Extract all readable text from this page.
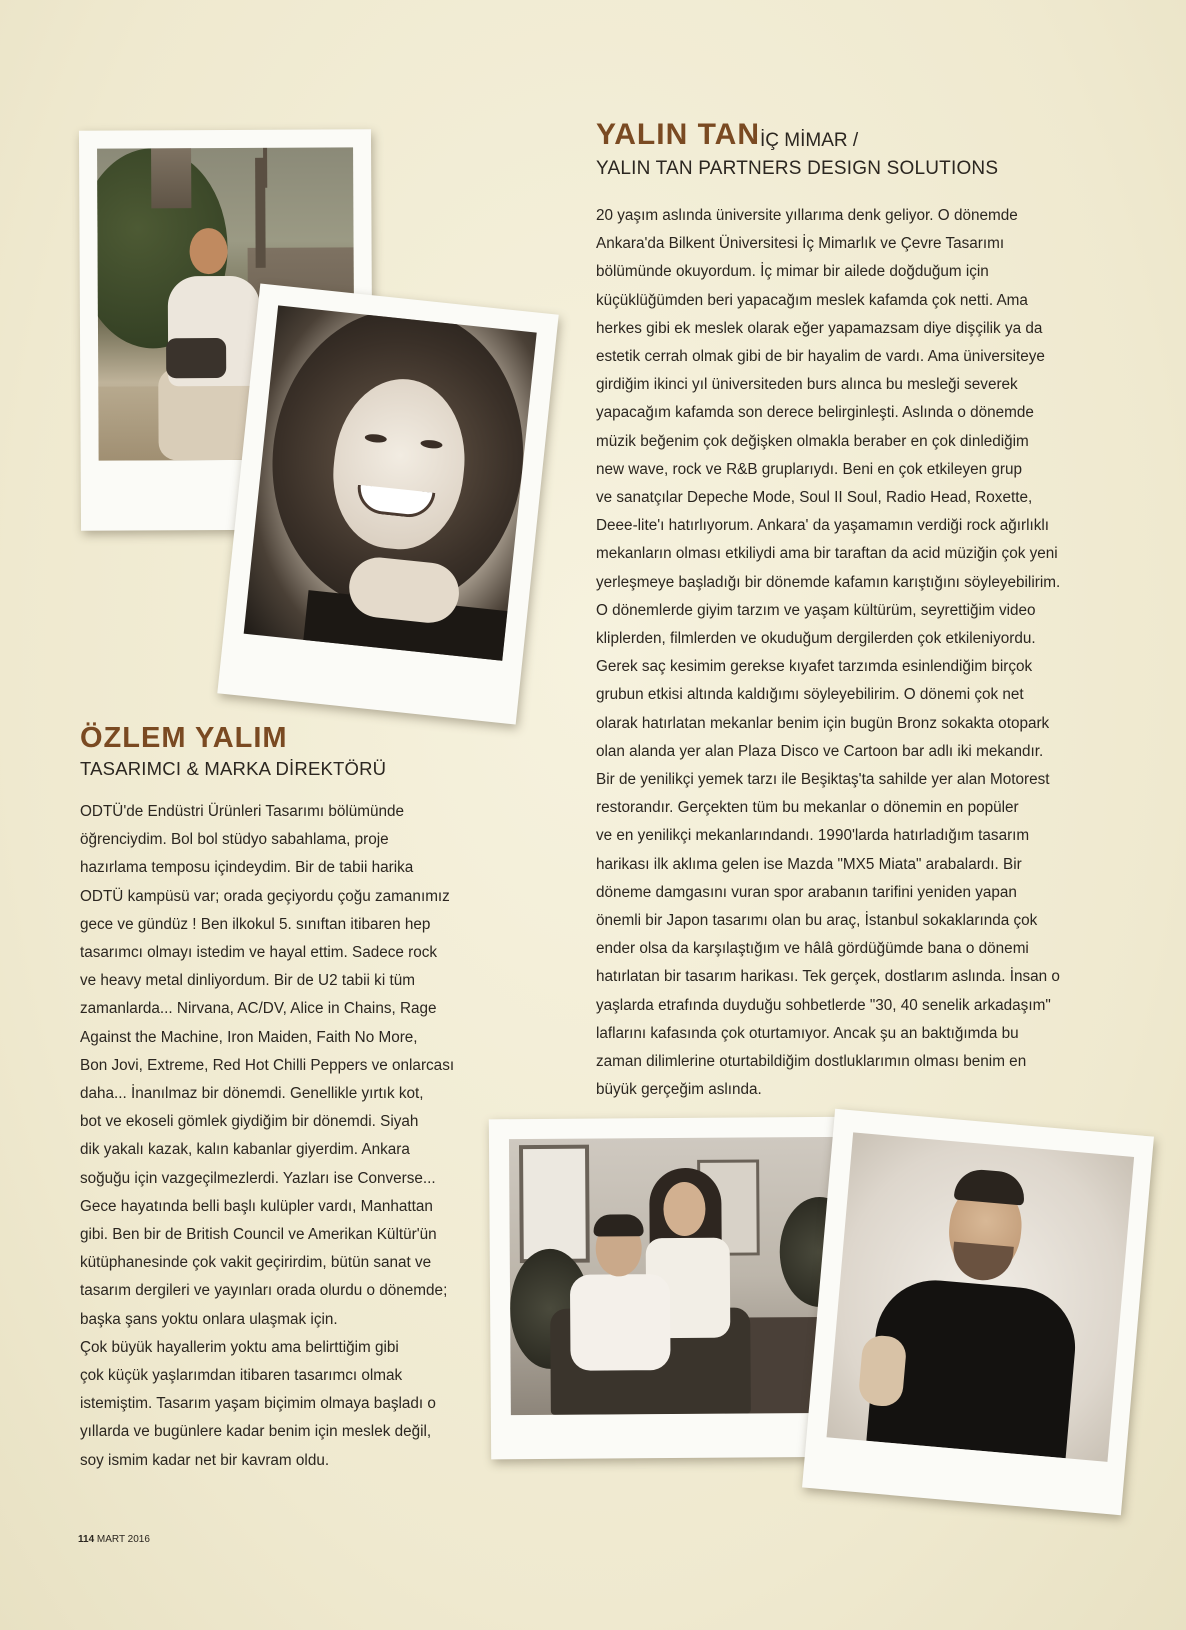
YALIN TAN İÇ MİMAR /
YALIN TAN PARTNERS DESIGN SOLUTIONS
20 yaşım aslında üniversite yıllarıma denk geliyor. O dönemde
Ankara'da Bilkent Üniversitesi İç Mimarlık ve Çevre Tasarımı
bölümünde okuyordum. İç mimar bir ailede doğduğum için
küçüklüğümden beri yapacağım meslek kafamda çok netti. Ama
herkes gibi ek meslek olarak eğer yapamazsam diye dişçilik ya da
estetik cerrah olmak gibi de bir hayalim de vardı. Ama üniversiteye
girdiğim ikinci yıl üniversiteden burs alınca bu mesleği severek
yapacağım kafamda son derece belirginleşti. Aslında o dönemde
müzik beğenim çok değişken olmakla beraber en çok dinlediğim
new wave, rock ve R&B gruplarıydı. Beni en çok etkileyen grup
ve sanatçılar Depeche Mode, Soul II Soul, Radio Head, Roxette,
Deee-lite'ı hatırlıyorum. Ankara' da yaşamamın verdiği rock ağırlıklı
mekanların olması etkiliydi ama bir taraftan da acid müziğin çok yeni
yerleşmeye başladığı bir dönemde kafamın karıştığını söyleyebilirim.
O dönemlerde giyim tarzım ve yaşam kültürüm, seyrettiğim video
kliplerden, filmlerden ve okuduğum dergilerden çok etkileniyordu.
Gerek saç kesimim gerekse kıyafet tarzımda esinlendiğim birçok
grubun etkisi altında kaldığımı söyleyebilirim. O dönemi çok net
olarak hatırlatan mekanlar benim için bugün Bronz sokakta otopark
olan alanda yer alan Plaza Disco ve Cartoon bar adlı iki mekandır.
Bir de yenilikçi yemek tarzı ile Beşiktaş'ta sahilde yer alan Motorest
restorandır. Gerçekten tüm bu mekanlar o dönemin en popüler
ve en yenilikçi mekanlarındandı. 1990'larda hatırladığım tasarım
harikası ilk aklıma gelen ise Mazda "MX5 Miata" arabalardı. Bir
döneme damgasını vuran spor arabanın tarifini yeniden yapan
önemli bir Japon tasarımı olan bu araç, İstanbul sokaklarında çok
ender olsa da karşılaştığım ve hâlâ gördüğümde bana o dönemi
hatırlatan bir tasarım harikası. Tek gerçek, dostlarım aslında. İnsan o
yaşlarda etrafında duyduğu sohbetlerde "30, 40 senelik arkadaşım"
laflarını kafasında çok oturtamıyor. Ancak şu an baktığımda bu
zaman dilimlerine oturtabildiğim dostluklarımın olması benim en
büyük gerçeğim aslında.
ÖZLEM YALIM
TASARIMCI & MARKA DİREKTÖRÜ
ODTÜ'de Endüstri Ürünleri Tasarımı bölümünde
öğrenciydim. Bol bol stüdyo sabahlama, proje
hazırlama temposu içindeydim. Bir de tabii harika
ODTÜ kampüsü var; orada geçiyordu çoğu zamanımız
gece ve gündüz ! Ben ilkokul 5. sınıftan itibaren hep
tasarımcı olmayı istedim ve hayal ettim. Sadece rock
ve heavy metal dinliyordum. Bir de U2 tabii ki tüm
zamanlarda... Nirvana, AC/DV, Alice in Chains, Rage
Against the Machine, Iron Maiden, Faith No More,
Bon Jovi, Extreme, Red Hot Chilli Peppers ve onlarcası
daha... İnanılmaz bir dönemdi. Genellikle yırtık kot,
bot ve ekoseli gömlek giydiğim bir dönemdi. Siyah
dik yakalı kazak, kalın kabanlar giyerdim. Ankara
soğuğu için vazgeçilmezlerdi. Yazları ise Converse...
Gece hayatında belli başlı kulüpler vardı, Manhattan
gibi. Ben bir de British Council ve Amerikan Kültür'ün
kütüphanesinde çok vakit geçirirdim, bütün sanat ve
tasarım dergileri ve yayınları orada olurdu o dönemde;
başka şans yoktu onlara ulaşmak için.
Çok büyük hayallerim yoktu ama belirttiğim gibi
çok küçük yaşlarımdan itibaren tasarımcı olmak
istemiştim. Tasarım yaşam biçimim olmaya başladı o
yıllarda ve bugünlere kadar benim için meslek değil,
soy ismim kadar net bir kavram oldu.
114 MART 2016
